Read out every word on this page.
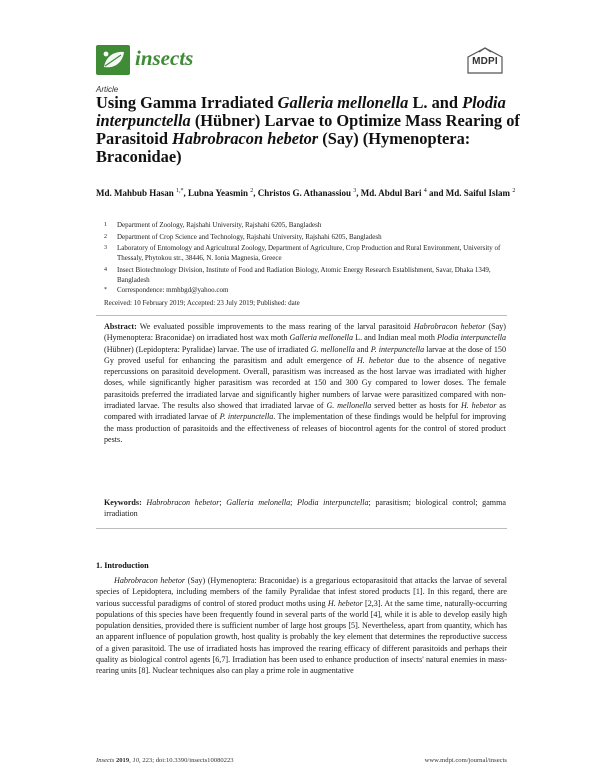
insects	MDPI
Article
Using Gamma Irradiated Galleria mellonella L. and Plodia interpunctella (Hübner) Larvae to Optimize Mass Rearing of Parasitoid Habrobracon hebetor (Say) (Hymenoptera: Braconidae)
Md. Mahbub Hasan $^{1,*}$, Lubna Yeasmin $^2$, Christos G. Athanassiou $^3$, Md. Abdul Bari $^4$ and Md. Saiful Islam $^2$
1	Department of Zoology, Rajshahi University, Rajshahi 6205, Bangladesh
2	Department of Crop Science and Technology, Rajshahi University, Rajshahi 6205, Bangladesh
3	Laboratory of Entomology and Agricultural Zoology, Department of Agriculture, Crop Production and Rural Environment, University of Thessaly, Phytokou str., 38446, N. Ionia Magnesia, Greece
4	Insect Biotechnology Division, Institute of Food and Radiation Biology, Atomic Energy Research Establishment, Savar, Dhaka 1349, Bangladesh
*	Correspondence: mmhbgd@yahoo.com
Received: 10 February 2019; Accepted: 23 July 2019; Published: date
Abstract: We evaluated possible improvements to the mass rearing of the larval parasitoid Habrobracon hebetor (Say) (Hymenoptera: Braconidae) on irradiated host wax moth Galleria mellonella L. and Indian meal moth Plodia interpunctella (Hübner) (Lepidoptera: Pyralidae) larvae. The use of irradiated G. mellonella and P. interpunctella larvae at the dose of 150 Gy proved useful for enhancing the parasitism and adult emergence of H. hebetor due to the absence of negative repercussions on parasitoid development. Overall, parasitism was increased as the host larvae was irradiated with higher doses, while significantly higher parasitism was recorded at 150 and 300 Gy compared to lower doses. The female parasitoids preferred the irradiated larvae and significantly higher numbers of larvae were parasitized compared with non-irradiated larvae. The results also showed that irradiated larvae of G. mellonella served better as hosts for H. hebetor as compared with irradiated larvae of P. interpunctella. The implementation of these findings would be helpful for improving the mass production of parasitoids and the effectiveness of releases of biocontrol agents for the control of stored product pests.
Keywords: Habrobracon hebetor; Galleria melonella; Plodia interpunctella; parasitism; biological control; gamma irradiation
1. Introduction
Habrobracon hebetor (Say) (Hymenoptera: Braconidae) is a gregarious ectoparasitoid that attacks the larvae of several species of Lepidoptera, including members of the family Pyralidae that infest stored products [1]. In this regard, there are various successful paradigms of control of stored product moths using H. hebetor [2,3]. At the same time, naturally-occurring populations of this species have been frequently found in several parts of the world [4], while it is able to develop easily high population densities, provided there is sufficient number of large host groups [5]. Nevertheless, apart from quantity, which has an apparent influence of population growth, host quality is probably the key element that determines the reproductive success of a given parasitoid. The use of irradiated hosts has improved the rearing efficacy of different parasitoids and perhaps their quality as biological control agents [6,7]. Irradiation has been used to enhance production of insects' natural enemies in mass-rearing units [8]. Nuclear techniques also can play a prime role in augmentative
Insects 2019, 10, 223; doi:10.3390/insects10080223	www.mdpi.com/journal/insects
